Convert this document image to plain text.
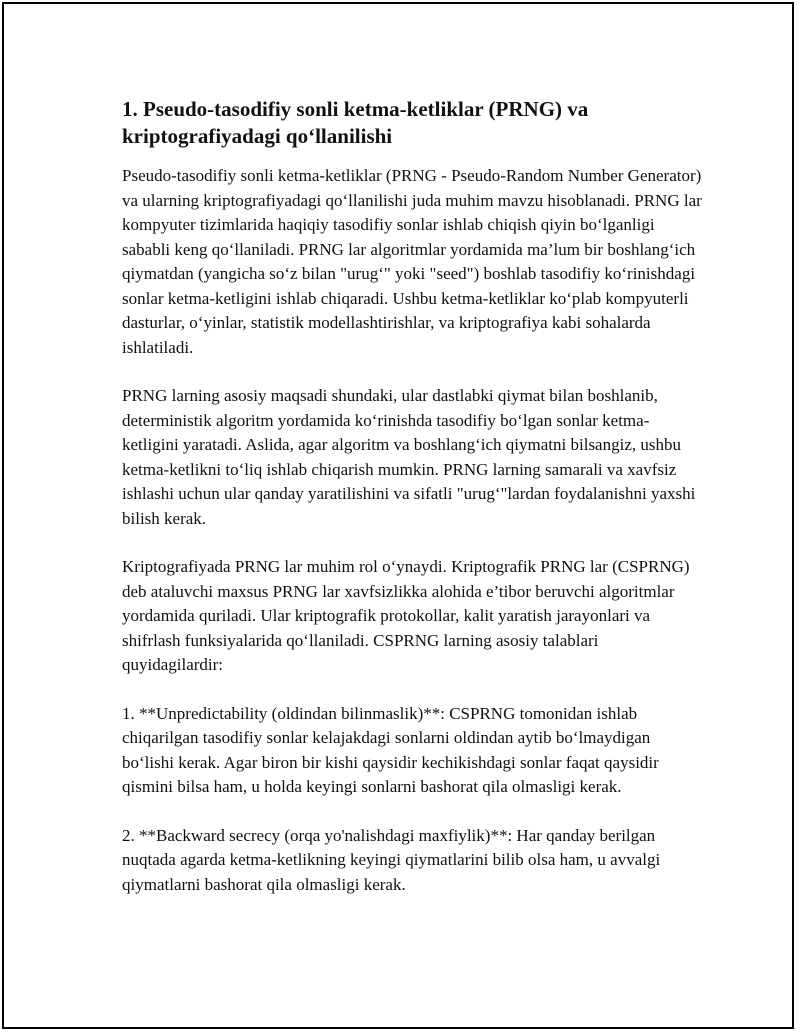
1. Pseudo-tasodifiy sonli ketma-ketliklar (PRNG) va kriptografiyadagi qo‘llanilishi

Pseudo-tasodifiy sonli ketma-ketliklar (PRNG - Pseudo-Random Number Generator) va ularning kriptografiyadagi qo‘llanilishi juda muhim mavzu hisoblanadi. PRNG lar kompyuter tizimlarida haqiqiy tasodifiy sonlar ishlab chiqish qiyin bo‘lganligi sababli keng qo‘llaniladi. PRNG lar algoritmlar yordamida ma’lum bir boshlang‘ich qiymatdan (yangicha so‘z bilan "urug‘" yoki "seed") boshlab tasodifiy ko‘rinishdagi sonlar ketma-ketligini ishlab chiqaradi. Ushbu ketma-ketliklar ko‘plab kompyuterli dasturlar, o‘yinlar, statistik modellashtirishlar, va kriptografiya kabi sohalarda ishlatiladi.

PRNG larning asosiy maqsadi shundaki, ular dastlabki qiymat bilan boshlanib, deterministik algoritm yordamida ko‘rinishda tasodifiy bo‘lgan sonlar ketma-ketligini yaratadi. Aslida, agar algoritm va boshlang‘ich qiymatni bilsangiz, ushbu ketma-ketlikni to‘liq ishlab chiqarish mumkin. PRNG larning samarali va xavfsiz ishlashi uchun ular qanday yaratilishini va sifatli "urug‘"lardan foydalanishni yaxshi bilish kerak.

Kriptografiyada PRNG lar muhim rol o‘ynaydi. Kriptografik PRNG lar (CSPRNG) deb ataluvchi maxsus PRNG lar xavfsizlikka alohida e’tibor beruvchi algoritmlar yordamida quriladi. Ular kriptografik protokollar, kalit yaratish jarayonlari va shifrlash funksiyalarida qo‘llaniladi. CSPRNG larning asosiy talablari quyidagilardir:

1. **Unpredictability (oldindan bilinmaslik)**: CSPRNG tomonidan ishlab chiqarilgan tasodifiy sonlar kelajakdagi sonlarni oldindan aytib bo‘lmaydigan bo‘lishi kerak. Agar biron bir kishi qaysidir kechikishdagi sonlar faqat qaysidir qismini bilsa ham, u holda keyingi sonlarni bashorat qila olmasligi kerak.

2. **Backward secrecy (orqa yo'nalishdagi maxfiylik)**: Har qanday berilgan nuqtada agarda ketma-ketlikning keyingi qiymatlarini bilib olsa ham, u avvalgi qiymatlarni bashorat qila olmasligi kerak.
